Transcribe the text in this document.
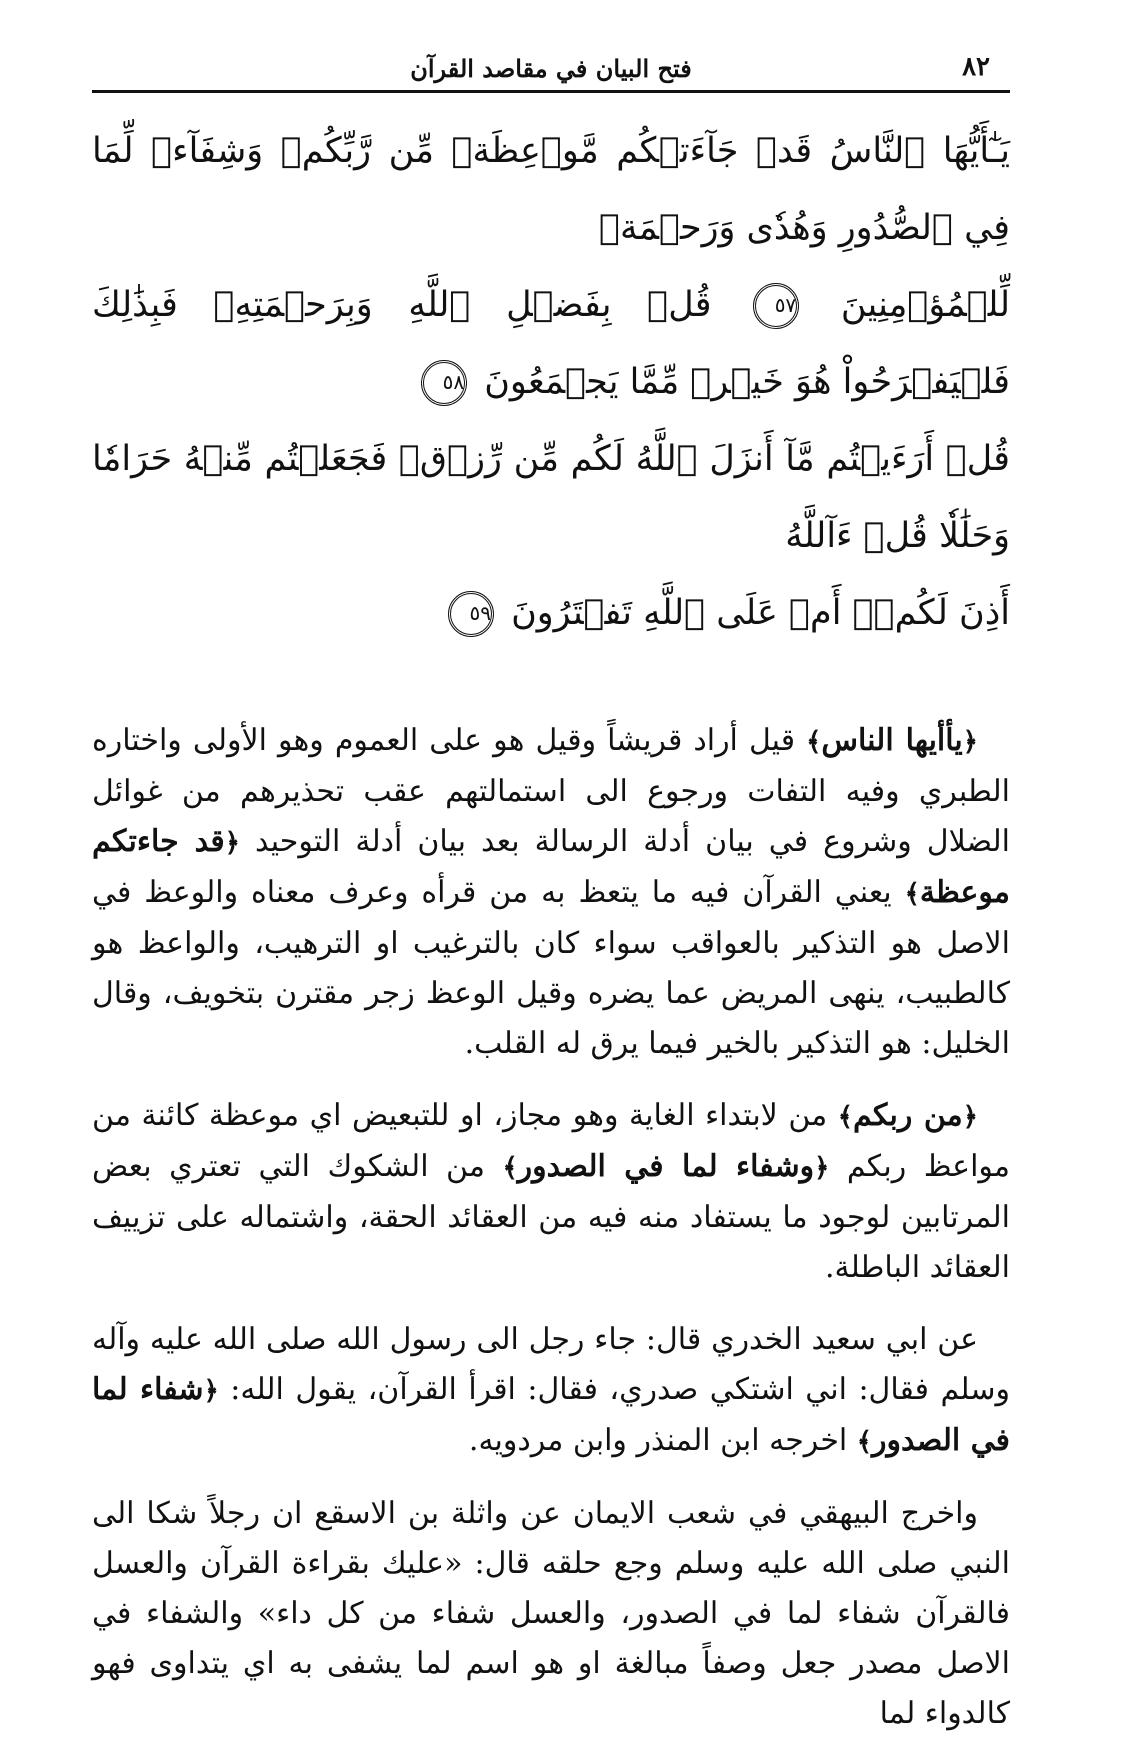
٨٢
فتح البيان في مقاصد القرآن
يَـٰٓأَيُّهَا ٱلنَّاسُ قَدۡ جَآءَتۡكُم مَّوۡعِظَةٞ مِّن رَّبِّكُمۡ وَشِفَآءٞ لِّمَا فِي ٱلصُّدُورِ وَهُدٗى وَرَحۡمَةٞ
لِّلۡمُؤۡمِنِينَ ٥٧ قُلۡ بِفَضۡلِ ٱللَّهِ وَبِرَحۡمَتِهِۦ فَبِذَٰلِكَ فَلۡيَفۡرَحُواْ هُوَ خَيۡرٞ مِّمَّا يَجۡمَعُونَ ٥٨
قُلۡ أَرَءَيۡتُم مَّآ أَنزَلَ ٱللَّهُ لَكُم مِّن رِّزۡقٖ فَجَعَلۡتُم مِّنۡهُ حَرَامٗا وَحَلَٰلٗا قُلۡ ءَآللَّهُ
أَذِنَ لَكُمۡۖ أَمۡ عَلَى ٱللَّهِ تَفۡتَرُونَ ٥٩

﴿يأأيها الناس﴾ قيل أراد قريشاً وقيل هو على العموم وهو الأولى واختاره الطبري وفيه التفات ورجوع الى استمالتهم عقب تحذيرهم من غوائل الضلال وشروع في بيان أدلة الرسالة بعد بيان أدلة التوحيد ﴿قد جاءتكم موعظة﴾ يعني القرآن فيه ما يتعظ به من قرأه وعرف معناه والوعظ في الاصل هو التذكير بالعواقب سواء كان بالترغيب او الترهيب، والواعظ هو كالطبيب، ينهى المريض عما يضره وقيل الوعظ زجر مقترن بتخويف، وقال الخليل: هو التذكير بالخير فيما يرق له القلب.

﴿من ربكم﴾ من لابتداء الغاية وهو مجاز، او للتبعيض اي موعظة كائنة من مواعظ ربكم ﴿وشفاء لما في الصدور﴾ من الشكوك التي تعتري بعض المرتابين لوجود ما يستفاد منه فيه من العقائد الحقة، واشتماله على تزييف العقائد الباطلة.

عن ابي سعيد الخدري قال: جاء رجل الى رسول الله صلى الله عليه وآله وسلم فقال: اني اشتكي صدري، فقال: اقرأ القرآن، يقول الله: ﴿شفاء لما في الصدور﴾ اخرجه ابن المنذر وابن مردويه.

واخرج البيهقي في شعب الايمان عن واثلة بن الاسقع ان رجلاً شكا الى النبي صلى الله عليه وسلم وجع حلقه قال: «عليك بقراءة القرآن والعسل فالقرآن شفاء لما في الصدور، والعسل شفاء من كل داء» والشفاء في الاصل مصدر جعل وصفاً مبالغة او هو اسم لما يشفى به اي يتداوى فهو كالدواء لما
